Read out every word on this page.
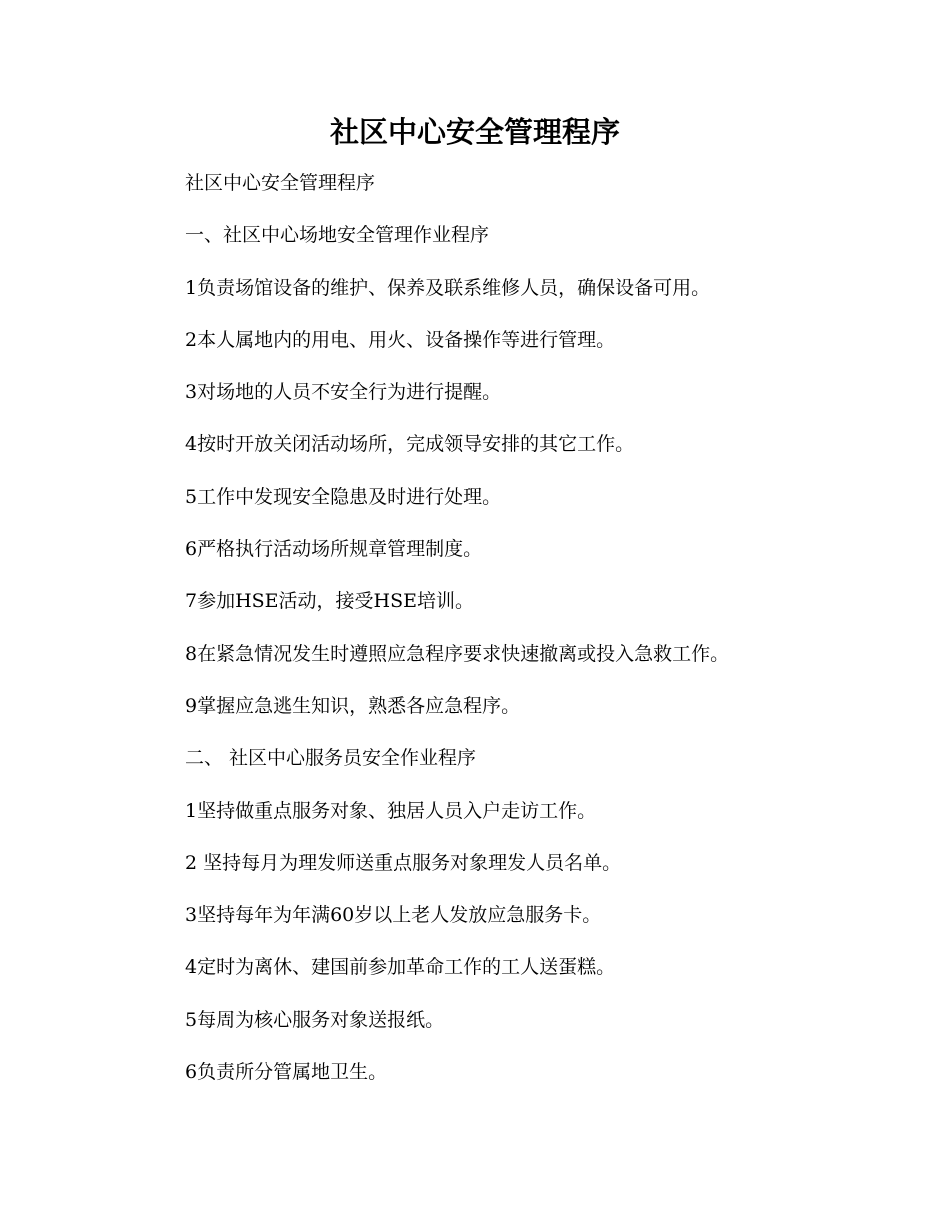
社区中心安全管理程序

社区中心安全管理程序

一、社区中心场地安全管理作业程序

1负责场馆设备的维护、保养及联系维修人员，确保设备可用。

2本人属地内的用电、用火、设备操作等进行管理。

3对场地的人员不安全行为进行提醒。

4按时开放关闭活动场所，完成领导安排的其它工作。

5工作中发现安全隐患及时进行处理。

6严格执行活动场所规章管理制度。

7参加HSE活动，接受HSE培训。

8在紧急情况发生时遵照应急程序要求快速撤离或投入急救工作。

9掌握应急逃生知识，熟悉各应急程序。

二、 社区中心服务员安全作业程序

1坚持做重点服务对象、独居人员入户走访工作。

2 坚持每月为理发师送重点服务对象理发人员名单。

3坚持每年为年满60岁以上老人发放应急服务卡。

4定时为离休、建国前参加革命工作的工人送蛋糕。

5每周为核心服务对象送报纸。

6负责所分管属地卫生。
